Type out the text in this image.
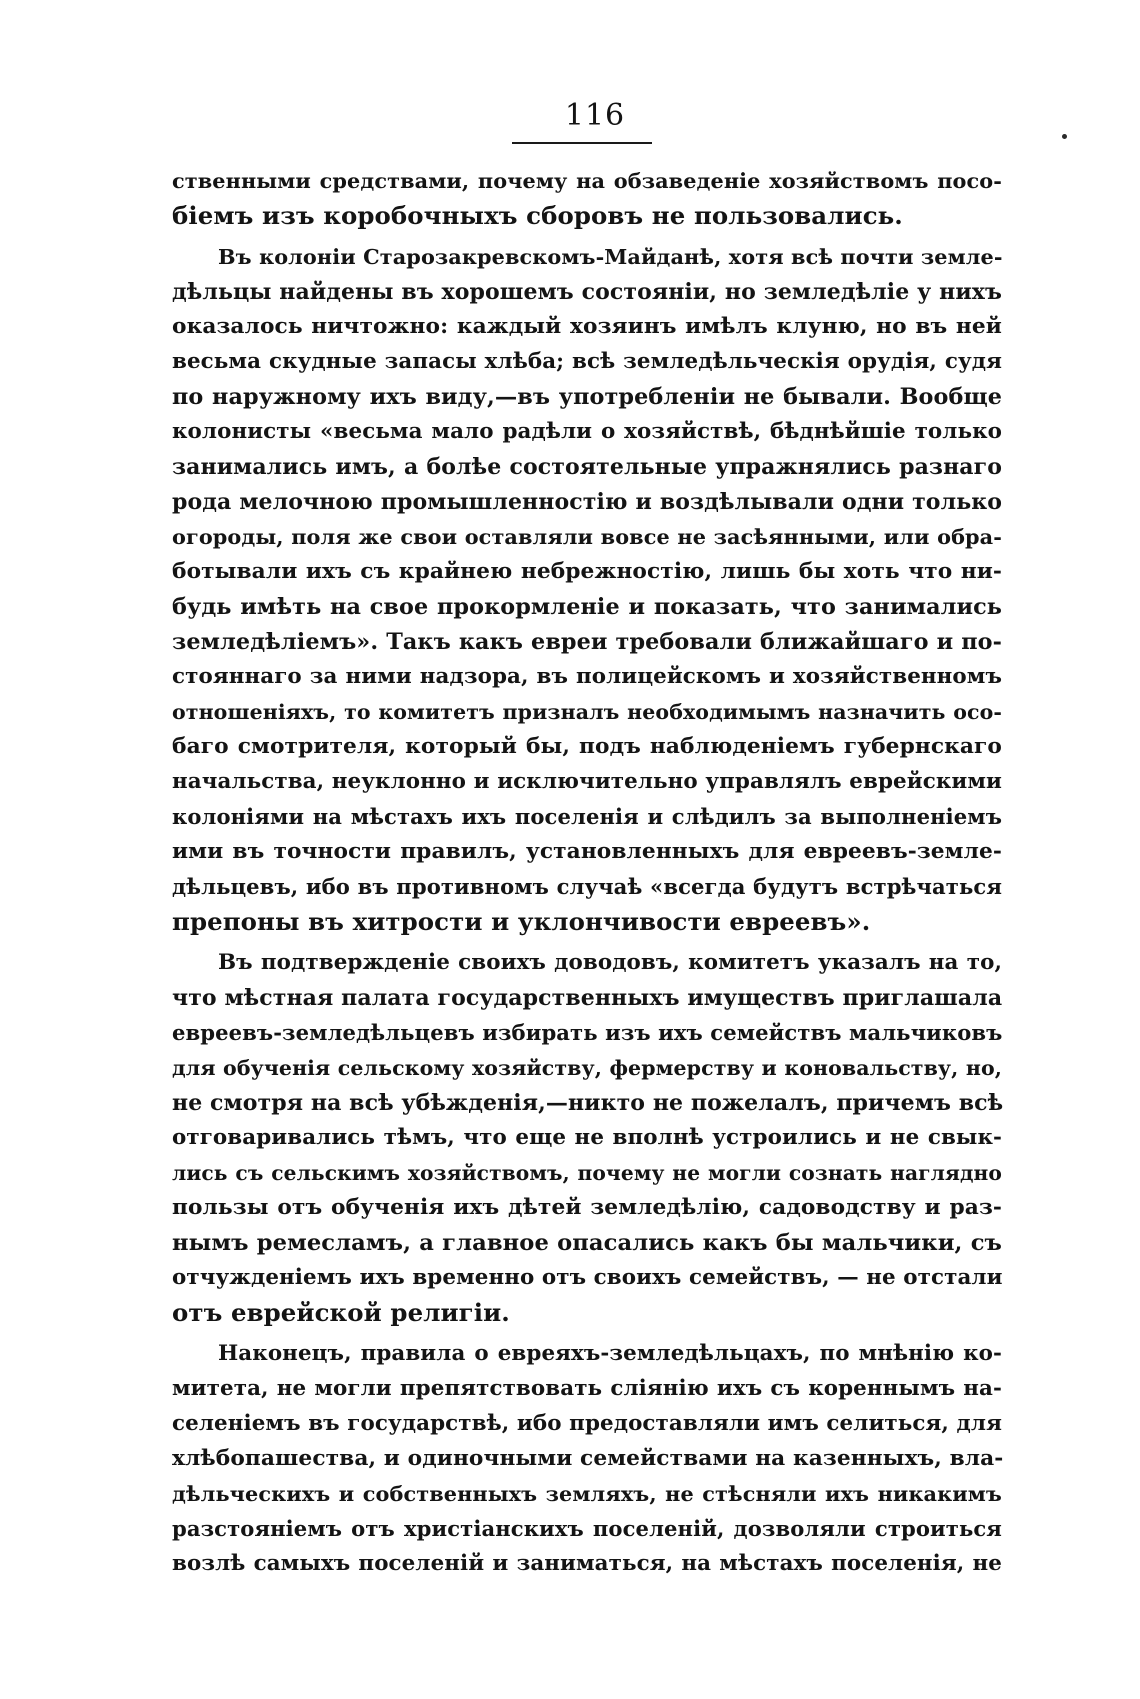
116
ственными средствами, почему на обзаведеніе хозяйствомъ посо-
біемъ изъ коробочныхъ сборовъ не пользовались.
Въ колоніи Старозакревскомъ-Майданѣ, хотя всѣ почти земле-
дѣльцы найдены въ хорошемъ состояніи, но земледѣліе у нихъ
оказалось ничтожно: каждый хозяинъ имѣлъ клуню, но въ ней
весьма скудные запасы хлѣба; всѣ земледѣльческія орудія, судя
по наружному ихъ виду,—въ употребленіи не бывали. Вообще
колонисты «весьма мало радѣли о хозяйствѣ, бѣднѣйшіе только
занимались имъ, а болѣе состоятельные упражнялись разнаго
рода мелочною промышленностію и воздѣлывали одни только
огороды, поля же свои оставляли вовсе не засѣянными, или обра-
ботывали ихъ съ крайнею небрежностію, лишь бы хоть что ни-
будь имѣть на свое прокормленіе и показать, что занимались
земледѣліемъ». Такъ какъ евреи требовали ближайшаго и по-
стояннаго за ними надзора, въ полицейскомъ и хозяйственномъ
отношеніяхъ, то комитетъ призналъ необходимымъ назначить осо-
баго смотрителя, который бы, подъ наблюденіемъ губернскаго
начальства, неуклонно и исключительно управлялъ еврейскими
колоніями на мѣстахъ ихъ поселенія и слѣдилъ за выполненіемъ
ими въ точности правилъ, установленныхъ для евреевъ-земле-
дѣльцевъ, ибо въ противномъ случаѣ «всегда будутъ встрѣчаться
препоны въ хитрости и уклончивости евреевъ».
Въ подтвержденіе своихъ доводовъ, комитетъ указалъ на то,
что мѣстная палата государственныхъ имуществъ приглашала
евреевъ-земледѣльцевъ избирать изъ ихъ семействъ мальчиковъ
для обученія сельскому хозяйству, фермерству и коновальству, но,
не смотря на всѣ убѣжденія,—никто не пожелалъ, причемъ всѣ
отговаривались тѣмъ, что еще не вполнѣ устроились и не свык-
лись съ сельскимъ хозяйствомъ, почему не могли сознать наглядно
пользы отъ обученія ихъ дѣтей земледѣлію, садоводству и раз-
нымъ ремесламъ, а главное опасались какъ бы мальчики, съ
отчужденіемъ ихъ временно отъ своихъ семействъ, — не отстали
отъ еврейской религіи.
Наконецъ, правила о евреяхъ-земледѣльцахъ, по мнѣнію ко-
митета, не могли препятствовать слiянію ихъ съ кореннымъ на-
селеніемъ въ государствѣ, ибо предоставляли имъ селиться, для
хлѣбопашества, и одиночными семействами на казенныхъ, вла-
дѣльческихъ и собственныхъ земляхъ, не стѣсняли ихъ никакимъ
разстояніемъ отъ христіанскихъ поселеній, дозволяли строиться
возлѣ самыхъ поселеній и заниматься, на мѣстахъ поселенія, не
